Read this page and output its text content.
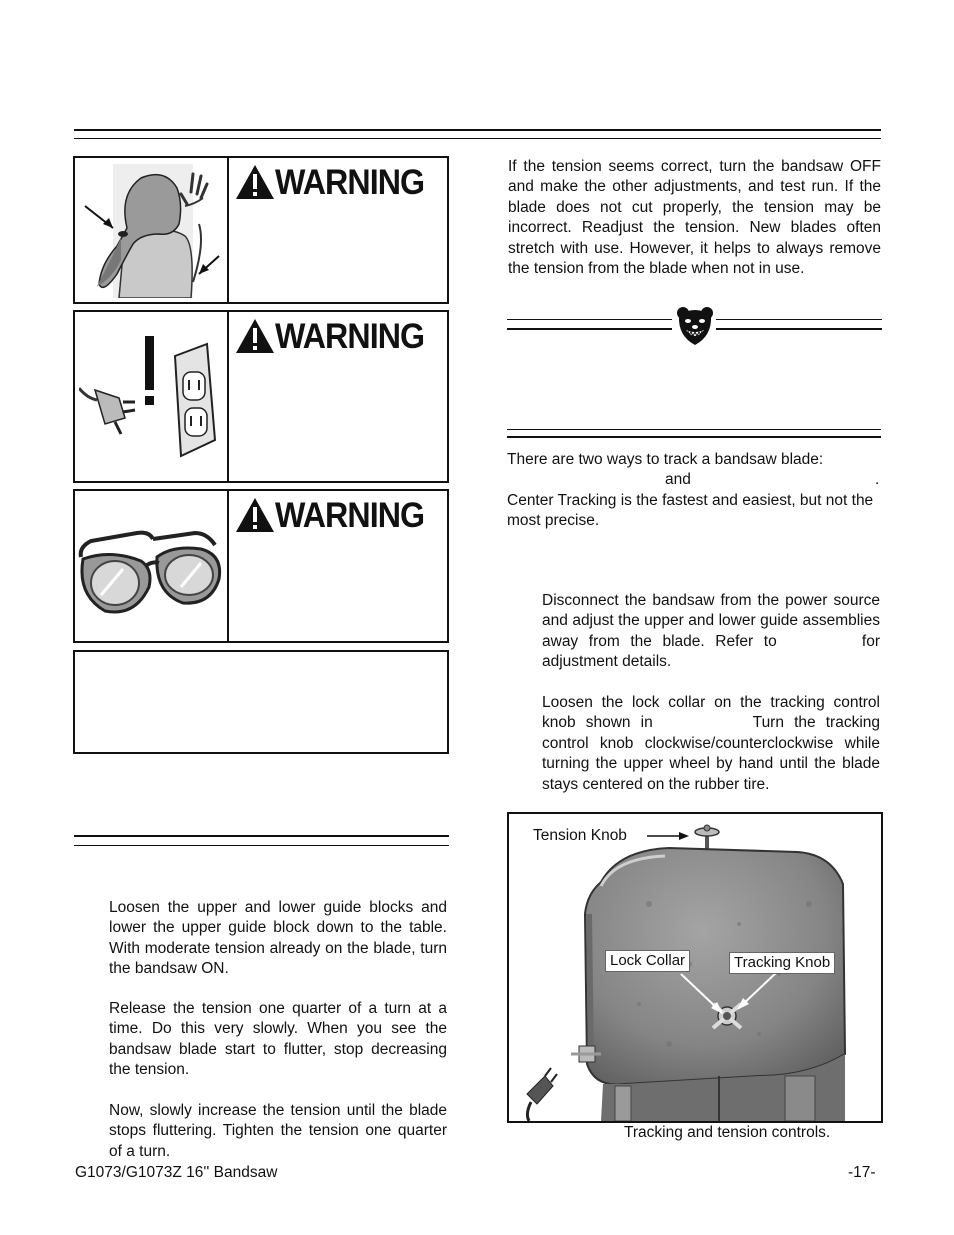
WARNING
WARNING
WARNING
Loosen the upper and lower guide blocks and lower the upper guide block down to the table. With moderate tension already on the blade, turn the bandsaw ON.
Release the tension one quarter of a turn at a time. Do this very slowly. When you see the bandsaw blade start to flutter, stop decreasing the tension.
Now, slowly increase the tension until the blade stops fluttering. Tighten the tension one quarter of a turn.
If the tension seems correct, turn the bandsaw OFF and make the other adjustments, and test run. If the blade does not cut properly, the tension may be incorrect. Readjust the tension. New blades often stretch with use. However, it helps to always remove the tension from the blade when not in use.
There are two ways to track a bandsaw blade:
and	.
Center Tracking is the fastest and easiest, but not the most precise.
Disconnect the bandsaw from the power source and adjust the upper and lower guide assemblies away from the blade. Refer to	for adjustment details.
Loosen the lock collar on the tracking control knob shown in	Turn the tracking control knob clockwise/counterclockwise while turning the upper wheel by hand until the blade stays centered on the rubber tire.
Tension Knob
Lock Collar	Tracking Knob
Tracking and tension controls.
G1073/G1073Z 16'' Bandsaw	-17-
